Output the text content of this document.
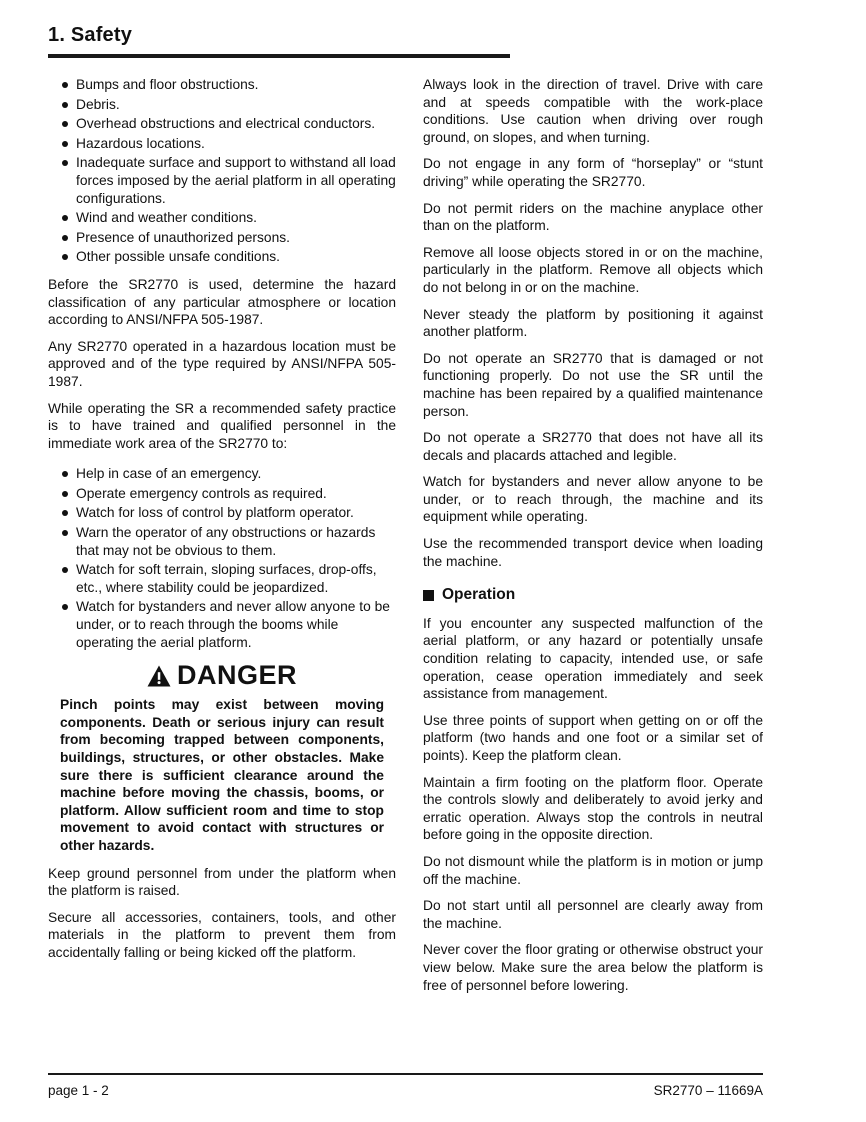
1. Safety
Bumps and floor obstructions.
Debris.
Overhead obstructions and electrical conductors.
Hazardous locations.
Inadequate surface and support to withstand all load forces imposed by the aerial platform in all operating configurations.
Wind and weather conditions.
Presence of unauthorized persons.
Other possible unsafe conditions.

Before the SR2770 is used, determine the hazard classification of any particular atmosphere or location according to ANSI/NFPA 505-1987.

Any SR2770 operated in a hazardous location must be approved and of the type required by ANSI/NFPA 505-1987.

While operating the SR a recommended safety practice is to have trained and qualified personnel in the immediate work area of the SR2770 to:

Help in case of an emergency.
Operate emergency controls as required.
Watch for loss of control by platform operator.
Warn the operator of any obstructions or hazards that may not be obvious to them.
Watch for soft terrain, sloping surfaces, drop-offs, etc., where stability could be jeopardized.
Watch for bystanders and never allow anyone to be under, or to reach through the booms while operating the aerial platform.
DANGER

Pinch points may exist between moving components. Death or serious injury can result from becoming trapped between components, buildings, structures, or other obstacles. Make sure there is sufficient clearance around the machine before moving the chassis, booms, or platform. Allow sufficient room and time to stop movement to avoid contact with structures or other hazards.

Keep ground personnel from under the platform when the platform is raised.

Secure all accessories, containers, tools, and other materials in the platform to prevent them from accidentally falling or being kicked off the platform.

Always look in the direction of travel. Drive with care and at speeds compatible with the work-place conditions. Use caution when driving over rough ground, on slopes, and when turning.

Do not engage in any form of “horseplay” or “stunt driving” while operating the SR2770.

Do not permit riders on the machine anyplace other than on the platform.

Remove all loose objects stored in or on the machine, particularly in the platform. Remove all objects which do not belong in or on the machine.

Never steady the platform by positioning it against another platform.

Do not operate an SR2770 that is damaged or not functioning properly. Do not use the SR until the machine has been repaired by a qualified maintenance person.

Do not operate a SR2770 that does not have all its decals and placards attached and legible.

Watch for bystanders and never allow anyone to be under, or to reach through, the machine and its equipment while operating.

Use the recommended transport device when loading the machine.

Operation

If you encounter any suspected malfunction of the aerial platform, or any hazard or potentially unsafe condition relating to capacity, intended use, or safe operation, cease operation immediately and seek assistance from management.

Use three points of support when getting on or off the platform (two hands and one foot or a similar set of points). Keep the platform clean.

Maintain a firm footing on the platform floor. Operate the controls slowly and deliberately to avoid jerky and erratic operation. Always stop the controls in neutral before going in the opposite direction.

Do not dismount while the platform is in motion or jump off the machine.

Do not start until all personnel are clearly away from the machine.

Never cover the floor grating or otherwise obstruct your view below. Make sure the area below the platform is free of personnel before lowering.

page 1 - 2	SR2770 – 11669A
